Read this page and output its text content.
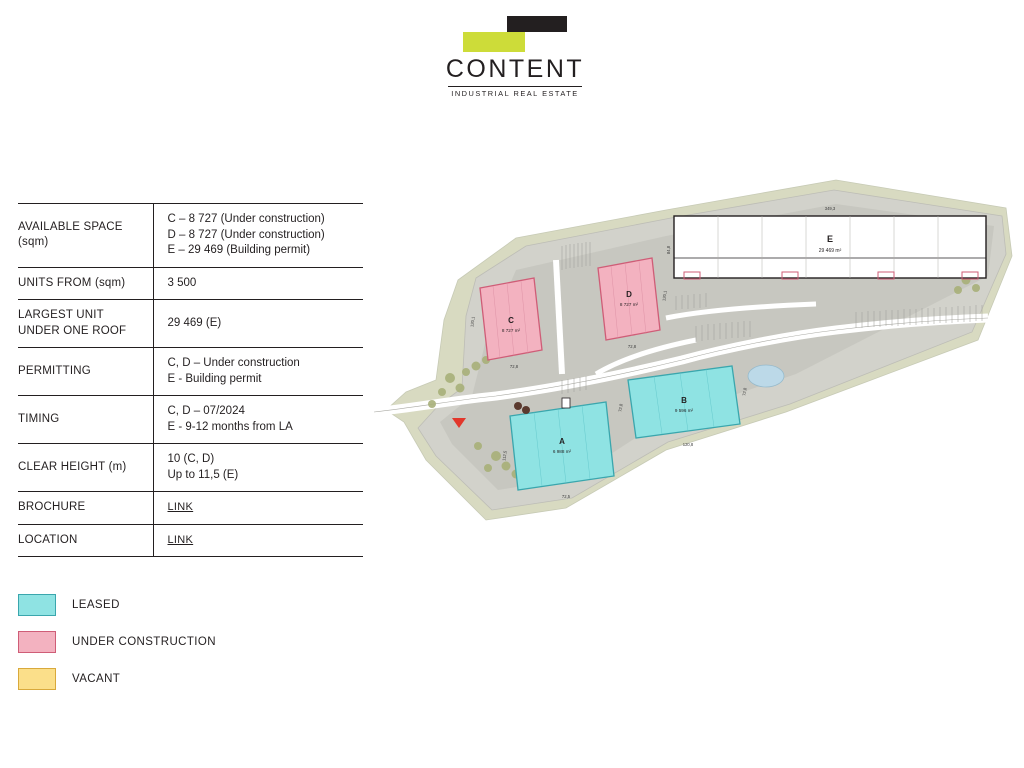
CONTENT
INDUSTRIAL REAL ESTATE
AVAILABLE SPACE
(sqm)	C – 8 727 (Under construction)
D – 8 727 (Under construction)
E – 29 469 (Building permit)

UNITS FROM (sqm)	3 500

LARGEST UNIT
UNDER ONE ROOF	29 469 (E)

PERMITTING	C, D – Under construction
E - Building permit

TIMING	C, D – 07/2024
E - 9-12 months from LA

CLEAR HEIGHT (m)	10 (C, D)
Up to 11,5 (E)

BROCHURE	LINK

LOCATION	LINK
LEASED
UNDER CONSTRUCTION
VACANT
E
29 469 m²
349,3
84,8
C
8 727 m²
120,1
72,8
D
8 727 m²
120,1
72,8
B
9 596 m²
72,8
72,8
120,8
A
6 988 m²
112,5
72,5
